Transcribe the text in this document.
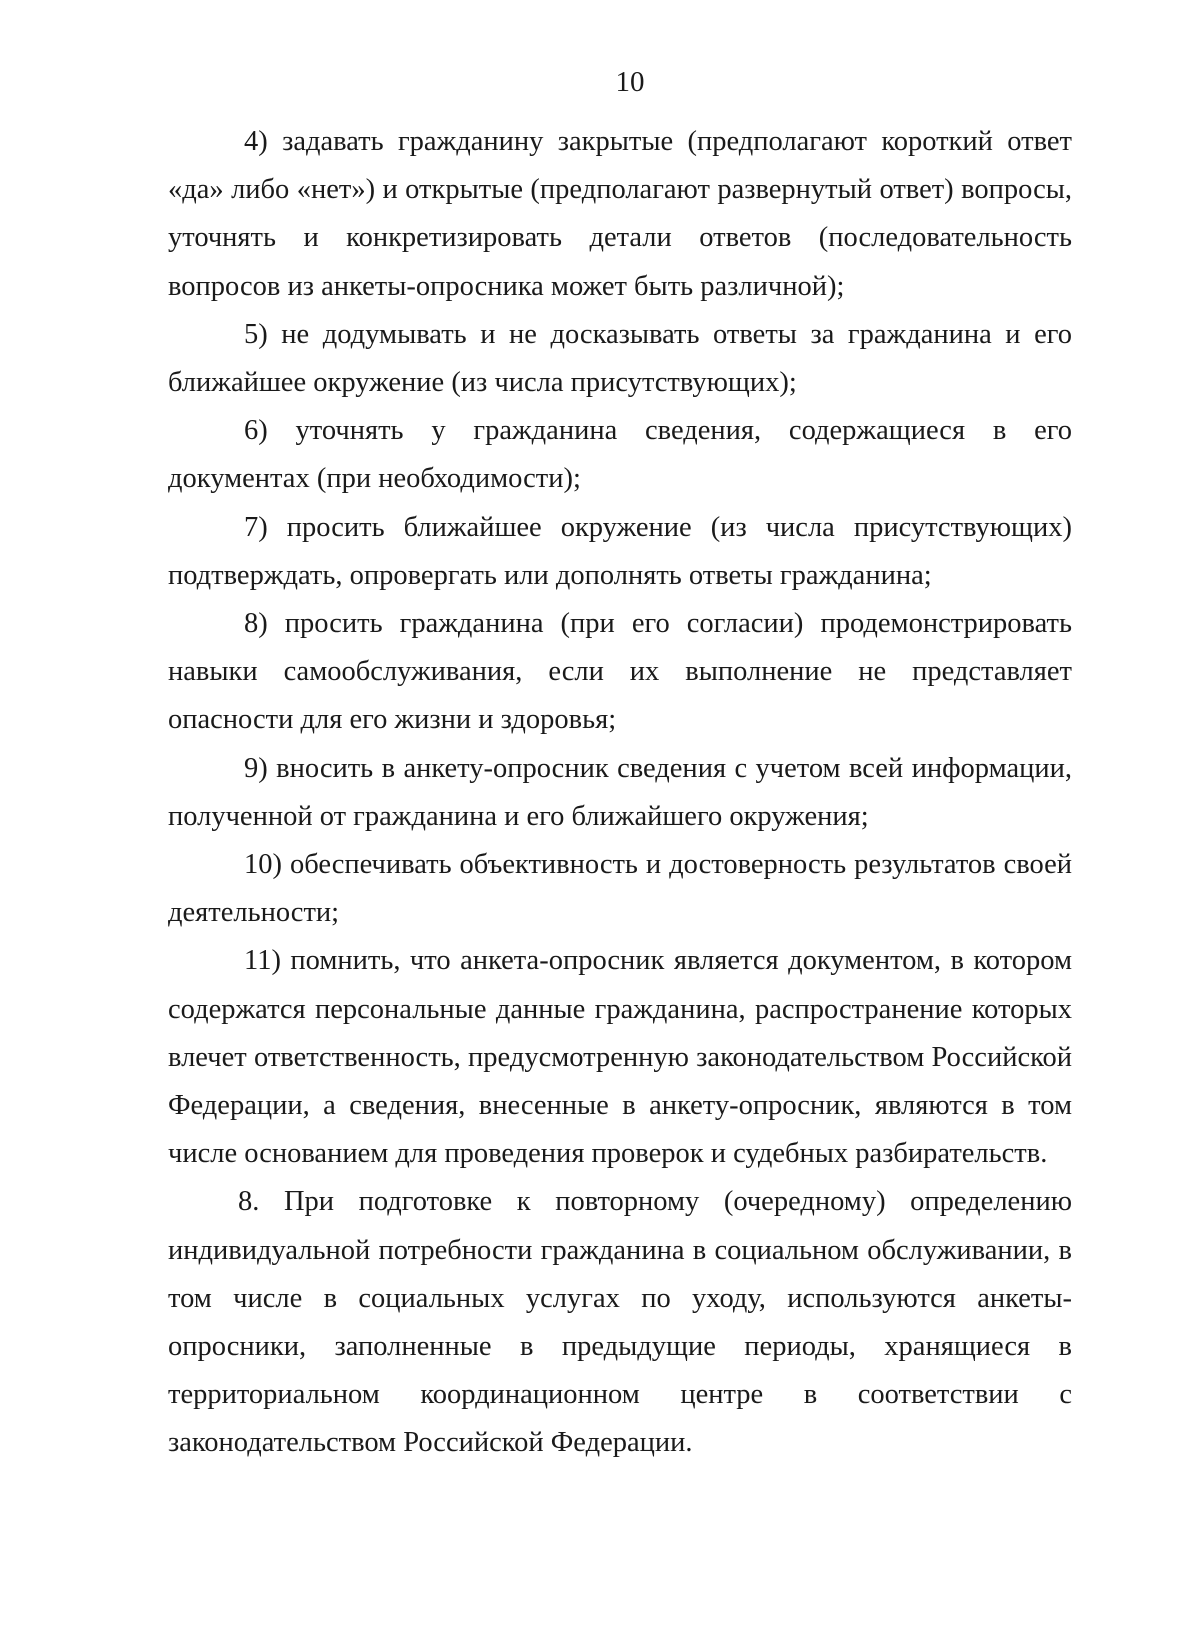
10

4) задавать гражданину закрытые (предполагают короткий ответ «да» либо «нет») и открытые (предполагают развернутый ответ) вопросы, уточнять и конкретизировать детали ответов (последовательность вопросов из анкеты-опросника может быть различной);

5) не додумывать и не досказывать ответы за гражданина и его ближайшее окружение (из числа присутствующих);

6) уточнять у гражданина сведения, содержащиеся в его документах (при необходимости);

7) просить ближайшее окружение (из числа присутствующих) подтверждать, опровергать или дополнять ответы гражданина;

8) просить гражданина (при его согласии) продемонстрировать навыки самообслуживания, если их выполнение не представляет опасности для его жизни и здоровья;

9) вносить в анкету-опросник сведения с учетом всей информации, полученной от гражданина и его ближайшего окружения;

10) обеспечивать объективность и достоверность результатов своей деятельности;

11) помнить, что анкета-опросник является документом, в котором содержатся персональные данные гражданина, распространение которых влечет ответственность, предусмотренную законодательством Российской Федерации, а сведения, внесенные в анкету-опросник, являются в том числе основанием для проведения проверок и судебных разбирательств.

8. При подготовке к повторному (очередному) определению индивидуальной потребности гражданина в социальном обслуживании, в том числе в социальных услугах по уходу, используются анкеты-опросники, заполненные в предыдущие периоды, хранящиеся в территориальном координационном центре в соответствии с законодательством Российской Федерации.
